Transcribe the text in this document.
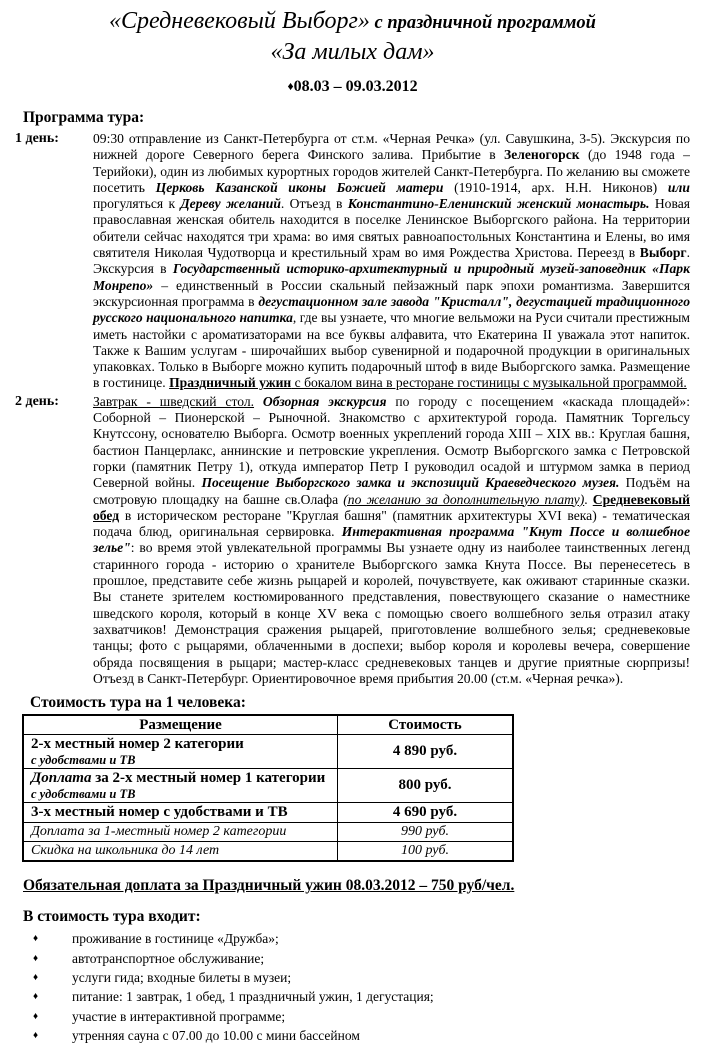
«Средневековый Выборг» с праздничной программой
«За милых дам»
♦08.03 – 09.03.2012
Программа тура:
1 день:	09:30 отправление из Санкт-Петербурга от ст.м. «Черная Речка» (ул. Савушкина, 3-5). Экскурсия по нижней дороге Северного берега Финского залива. Прибытие в Зеленогорск (до 1948 года – Терийоки), один из любимых курортных городов жителей Санкт-Петербурга. По желанию вы сможете посетить Церковь Казанской иконы Божией матери (1910-1914, арх. Н.Н. Никонов) или прогуляться к Дереву желаний. Отъезд в Константино-Еленинский женский монастырь. Новая православная женская обитель находится в поселке Ленинское Выборгского района. На территории обители сейчас находятся три храма: во имя святых равноапостольных Константина и Елены, во имя святителя Николая Чудотворца и крестильный храм во имя Рождества Христова. Переезд в Выборг. Экскурсия в Государственный историко-архитектурный и природный музей-заповедник «Парк Монрепо» – единственный в России скальный пейзажный парк эпохи романтизма. Завершится экскурсионная программа в дегустационном зале завода "Кристалл", дегустацией традиционного русского национального напитка, где вы узнаете, что многие вельможи на Руси считали престижным иметь настойки с ароматизаторами на все буквы алфавита, что Екатерина II уважала этот напиток. Также к Вашим услугам - широчайших выбор сувенирной и подарочной продукции в оригинальных упаковках. Только в Выборге можно купить подарочный штоф в виде Выборгского замка. Размещение в гостинице. Праздничный ужин с бокалом вина в ресторане гостиницы с музыкальной программой.
2 день:	Завтрак - шведский стол. Обзорная экскурсия по городу с посещением «каскада площадей»: Соборной – Пионерской – Рыночной. Знакомство с архитектурой города. Памятник Торгельсу Кнутссону, основателю Выборга. Осмотр военных укреплений города XIII – XIX вв.: Круглая башня, бастион Панцерлакс, аннинские и петровские укрепления. Осмотр Выборгского замка с Петровской горки (памятник Петру 1), откуда император Петр I руководил осадой и штурмом замка в период Северной войны. Посещение Выборгского замка и экспозиций Краеведческого музея. Подъём на смотровую площадку на башне св.Олафа (по желанию за дополнительную плату). Средневековый обед в историческом ресторане "Круглая башня" (памятник архитектуры XVI века) - тематическая подача блюд, оригинальная сервировка. Интерактивная программа "Кнут Поссе и волшебное зелье": во время этой увлекательной программы Вы узнаете одну из наиболее таинственных легенд старинного города - историю о хранителе Выборгского замка Кнута Поссе. Вы перенесетесь в прошлое, представите себе жизнь рыцарей и королей, почувствуете, как оживают старинные сказки. Вы станете зрителем костюмированного представления, повествующего сказание о наместнике шведского короля, который в конце XV века с помощью своего волшебного зелья отразил атаку захватчиков! Демонстрация сражения рыцарей, приготовление волшебного зелья; средневековые танцы; фото с рыцарями, облаченными в доспехи; выбор короля и королевы вечера, совершение обряда посвящения в рыцари; мастер-класс средневековых танцев и другие приятные сюрпризы! Отъезд в Санкт-Петербург. Ориентировочное время прибытия 20.00 (ст.м. «Черная речка»).
Стоимость тура на 1 человека:
Размещение	Стоимость

2-х местный номер 2 категории
с удобствами и ТВ	4 890 руб.

Доплата за 2-х местный номер 1 категории
с удобствами и ТВ	800 руб.

3-х местный номер с удобствами и ТВ	4 690 руб.

Доплата за 1-местный номер 2 категории	990 руб.

Скидка на школьника до 14 лет	100 руб.
Обязательная доплата за Праздничный ужин 08.03.2012 – 750 руб/чел.
В стоимость тура входит:
♦	проживание в гостинице «Дружба»;
♦	автотранспортное обслуживание;
♦	услуги гида; входные билеты в музеи;
♦	питание: 1 завтрак, 1 обед, 1 праздничный ужин, 1 дегустация;
♦	участие в интерактивной программе;
♦	утренняя сауна с 07.00 до 10.00 с мини бассейном
